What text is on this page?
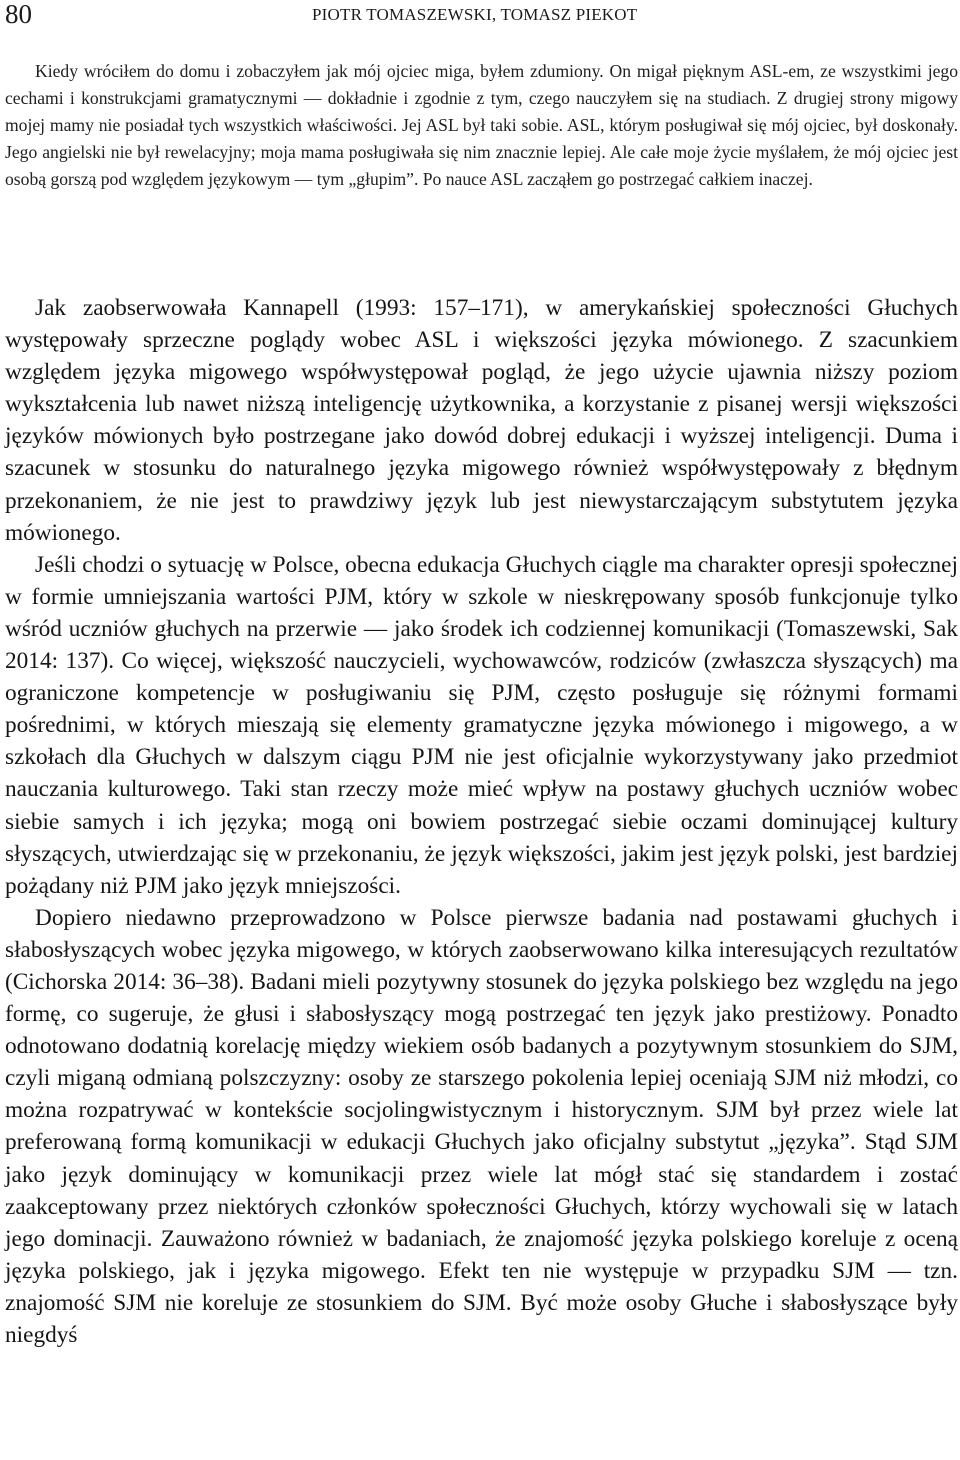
80	PIOTR TOMASZEWSKI, TOMASZ PIEKOT

Kiedy wróciłem do domu i zobaczyłem jak mój ojciec miga, byłem zdumiony. On migał pięknym ASL-em, ze wszystkimi jego cechami i konstrukcjami gramatycznymi — dokładnie i zgodnie z tym, czego nauczyłem się na studiach. Z drugiej strony migowy mojej mamy nie posiadał tych wszystkich właściwości. Jej ASL był taki sobie. ASL, którym posługiwał się mój ojciec, był doskonały. Jego angielski nie był rewelacyjny; moja mama posługiwała się nim znacznie lepiej. Ale całe moje życie myślałem, że mój ojciec jest osobą gorszą pod względem językowym — tym „głupim”. Po nauce ASL zacząłem go postrzegać całkiem inaczej.

Jak zaobserwowała Kannapell (1993: 157–171), w amerykańskiej społeczności Głuchych występowały sprzeczne poglądy wobec ASL i większości języka mówionego. Z szacunkiem względem języka migowego współwystępował pogląd, że jego użycie ujawnia niższy poziom wykształcenia lub nawet niższą inteligencję użytkownika, a korzystanie z pisanej wersji większości języków mówionych było postrzegane jako dowód dobrej edukacji i wyższej inteligencji. Duma i szacunek w stosunku do naturalnego języka migowego również współwystępowały z błędnym przekonaniem, że nie jest to prawdziwy język lub jest niewystarczającym substytutem języka mówionego.

Jeśli chodzi o sytuację w Polsce, obecna edukacja Głuchych ciągle ma charakter opresji społecznej w formie umniejszania wartości PJM, który w szkole w nieskrępowany sposób funkcjonuje tylko wśród uczniów głuchych na przerwie — jako środek ich codziennej komunikacji (Tomaszewski, Sak 2014: 137). Co więcej, większość nauczycieli, wychowawców, rodziców (zwłaszcza słyszących) ma ograniczone kompetencje w posługiwaniu się PJM, często posługuje się różnymi formami pośrednimi, w których mieszają się elementy gramatyczne języka mówionego i migowego, a w szkołach dla Głuchych w dalszym ciągu PJM nie jest oficjalnie wykorzystywany jako przedmiot nauczania kulturowego. Taki stan rzeczy może mieć wpływ na postawy głuchych uczniów wobec siebie samych i ich języka; mogą oni bowiem postrzegać siebie oczami dominującej kultury słyszących, utwierdzając się w przekonaniu, że język większości, jakim jest język polski, jest bardziej pożądany niż PJM jako język mniejszości.

Dopiero niedawno przeprowadzono w Polsce pierwsze badania nad postawami głuchych i słabosłyszących wobec języka migowego, w których zaobserwowano kilka interesujących rezultatów (Cichorska 2014: 36–38). Badani mieli pozytywny stosunek do języka polskiego bez względu na jego formę, co sugeruje, że głusi i słabosłyszący mogą postrzegać ten język jako prestiżowy. Ponadto odnotowano dodatnią korelację między wiekiem osób badanych a pozytywnym stosunkiem do SJM, czyli miganą odmianą polszczyzny: osoby ze starszego pokolenia lepiej oceniają SJM niż młodzi, co można rozpatrywać w kontekście socjolingwistycznym i historycznym. SJM był przez wiele lat preferowaną formą komunikacji w edukacji Głuchych jako oficjalny substytut „języka”. Stąd SJM jako język dominujący w komunikacji przez wiele lat mógł stać się standardem i zostać zaakceptowany przez niektórych członków społeczności Głuchych, którzy wychowali się w latach jego dominacji. Zauważono również w badaniach, że znajomość języka polskiego koreluje z oceną języka polskiego, jak i języka migowego. Efekt ten nie występuje w przypadku SJM — tzn. znajomość SJM nie koreluje ze stosunkiem do SJM. Być może osoby Głuche i słabosłyszące były niegdyś
